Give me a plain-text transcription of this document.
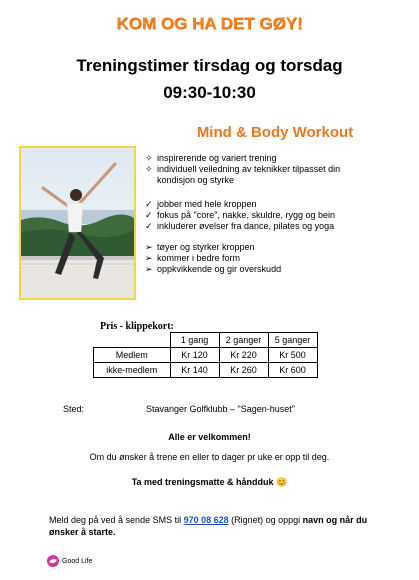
KOM OG HA DET GØY!
Treningstimer tirsdag og torsdag
09:30-10:30
Mind & Body Workout
✧ inspirerende og variert trening
✧ individuell veiledning av teknikker tilpasset din
kondisjon og styrke
✓ jobber med hele kroppen
✓ fokus på "core", nakke, skuldre, rygg og bein
✓ inkluderer øvelser fra dance, pilates og yoga
➢ tøyer og styrker kroppen
➢ kommer i bedre form
➢ oppkvikkende og gir overskudd
Pris - klippekort:
	1 gang	2 ganger	5 ganger
Medlem	Kr 120	Kr 220	Kr 500
ikke-medlem	Kr 140	Kr 260	Kr 600
Sted:	Stavanger Golfklubb – "Sagen-huset"
Alle er velkommen!
Om du ønsker å trene en eller to dager pr uke er opp til deg.
Ta med treningsmatte & håndduk 😊
Meld deg på ved å sende SMS til 970 08 628 (Rignet) og oppgi navn og når du
ønsker å starte.
Good Life
